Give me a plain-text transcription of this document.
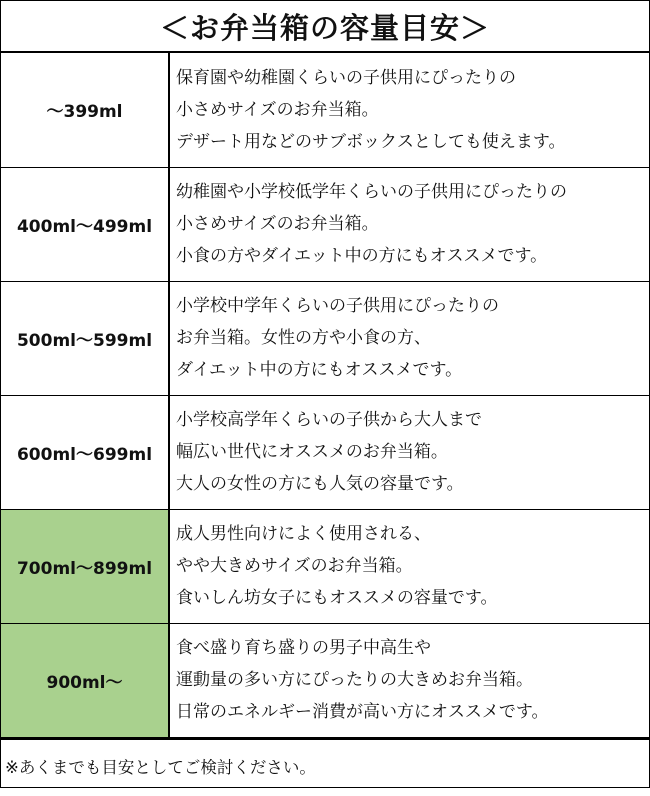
＜お弁当箱の容量目安＞
～399ml	保育園や幼稚園くらいの子供用にぴったりの
小さめサイズのお弁当箱。
デザート用などのサブボックスとしても使えます。

400ml～499ml	幼稚園や小学校低学年くらいの子供用にぴったりの
小さめサイズのお弁当箱。
小食の方やダイエット中の方にもオススメです。

500ml～599ml	小学校中学年くらいの子供用にぴったりの
お弁当箱。女性の方や小食の方、
ダイエット中の方にもオススメです。

600ml～699ml	小学校高学年くらいの子供から大人まで
幅広い世代にオススメのお弁当箱。
大人の女性の方にも人気の容量です。

700ml～899ml	成人男性向けによく使用される、
やや大きめサイズのお弁当箱。
食いしん坊女子にもオススメの容量です。

900ml～	食べ盛り育ち盛りの男子中高生や
運動量の多い方にぴったりの大きめお弁当箱。
日常のエネルギー消費が高い方にオススメです。
※あくまでも目安としてご検討ください。
